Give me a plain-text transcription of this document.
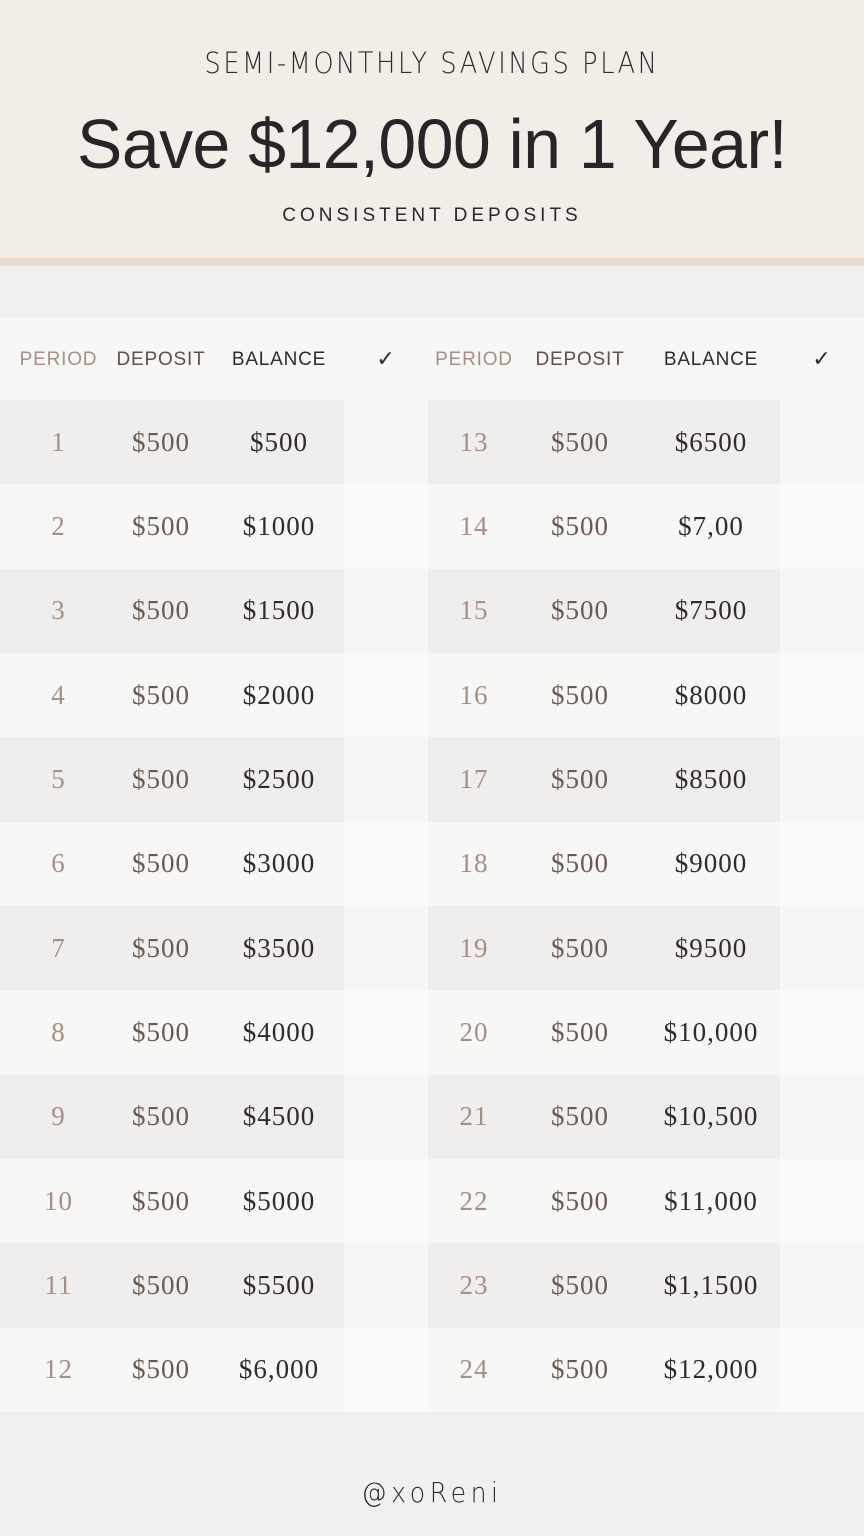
SEMI-MONTHLY SAVINGS PLAN
Save $12,000 in 1 Year!
CONSISTENT DEPOSITS
PERIOD	DEPOSIT	BALANCE	✓	PERIOD	DEPOSIT	BALANCE	✓
1	$500	$500	13	$500	$6500
2	$500	$1000	14	$500	$7,00
3	$500	$1500	15	$500	$7500
4	$500	$2000	16	$500	$8000
5	$500	$2500	17	$500	$8500
6	$500	$3000	18	$500	$9000
7	$500	$3500	19	$500	$9500
8	$500	$4000	20	$500	$10,000
9	$500	$4500	21	$500	$10,500
10	$500	$5000	22	$500	$11,000
11	$500	$5500	23	$500	$1,1500
12	$500	$6,000	24	$500	$12,000
@xoReni
